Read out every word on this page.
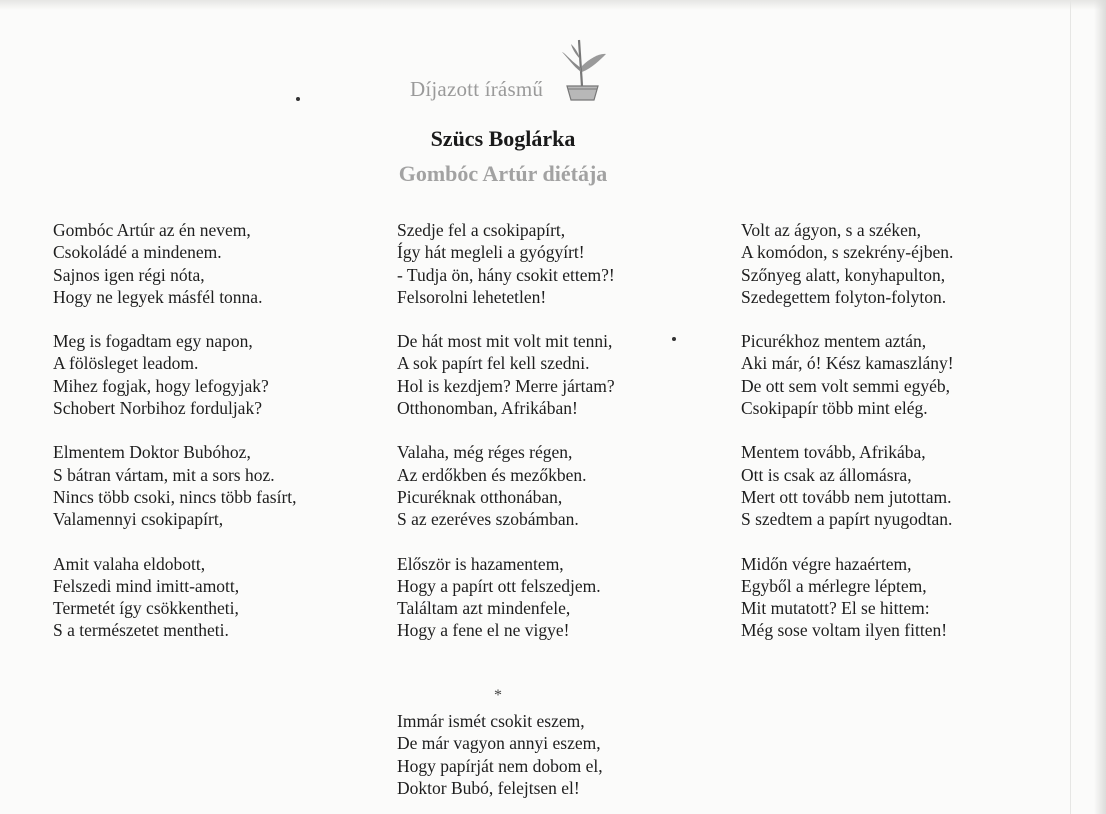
Díjazott írásmű
Szücs Boglárka
Gombóc Artúr diétája
Gombóc Artúr az én nevem,
Csokoládé a mindenem.
Sajnos igen régi nóta,
Hogy ne legyek másfél tonna.
Meg is fogadtam egy napon,
A fölösleget leadom.
Mihez fogjak, hogy lefogyjak?
Schobert Norbihoz forduljak?
Elmentem Doktor Bubóhoz,
S bátran vártam, mit a sors hoz.
Nincs több csoki, nincs több fasírt,
Valamennyi csokipapírt,
Amit valaha eldobott,
Felszedi mind imitt-amott,
Termetét így csökkentheti,
S a természetet mentheti.
Szedje fel a csokipapírt,
Így hát megleli a gyógyírt!
- Tudja ön, hány csokit ettem?!
Felsorolni lehetetlen!
De hát most mit volt mit tenni,
A sok papírt fel kell szedni.
Hol is kezdjem? Merre jártam?
Otthonomban, Afrikában!
Valaha, még réges régen,
Az erdőkben és mezőkben.
Picuréknak otthonában,
S az ezeréves szobámban.
Először is hazamentem,
Hogy a papírt ott felszedjem.
Találtam azt mindenfele,
Hogy a fene el ne vigye!
Volt az ágyon, s a széken,
A komódon, s szekrény-éjben.
Szőnyeg alatt, konyhapulton,
Szedegettem folyton-folyton.
Picurékhoz mentem aztán,
Aki már, ó! Kész kamaszlány!
De ott sem volt semmi egyéb,
Csokipapír több mint elég.
Mentem tovább, Afrikába,
Ott is csak az állomásra,
Mert ott tovább nem jutottam.
S szedtem a papírt nyugodtan.
Midőn végre hazaértem,
Egyből a mérlegre léptem,
Mit mutatott? El se hittem:
Még sose voltam ilyen fitten!
*
Immár ismét csokit eszem,
De már vagyon annyi eszem,
Hogy papírját nem dobom el,
Doktor Bubó, felejtsen el!
